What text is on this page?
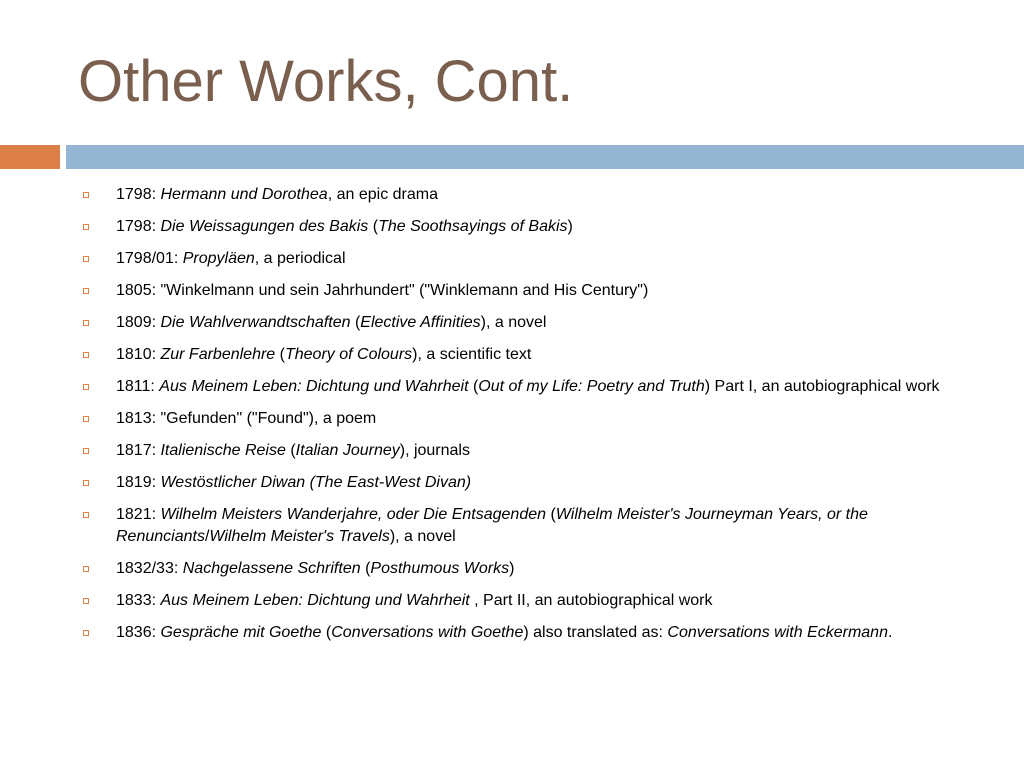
Other Works, Cont.
1798: Hermann und Dorothea, an epic drama
1798: Die Weissagungen des Bakis (The Soothsayings of Bakis)
1798/01: Propyläen, a periodical
1805: "Winkelmann und sein Jahrhundert" ("Winklemann and His Century")
1809: Die Wahlverwandtschaften (Elective Affinities), a novel
1810: Zur Farbenlehre (Theory of Colours), a scientific text
1811: Aus Meinem Leben: Dichtung und Wahrheit (Out of my Life: Poetry and Truth) Part I, an autobiographical work
1813: "Gefunden" ("Found"), a poem
1817: Italienische Reise (Italian Journey), journals
1819: Westöstlicher Diwan (The East-West Divan)
1821: Wilhelm Meisters Wanderjahre, oder Die Entsagenden (Wilhelm Meister's Journeyman Years, or the Renunciants/Wilhelm Meister's Travels), a novel
1832/33: Nachgelassene Schriften (Posthumous Works)
1833: Aus Meinem Leben: Dichtung und Wahrheit , Part II, an autobiographical work
1836: Gespräche mit Goethe (Conversations with Goethe) also translated as: Conversations with Eckermann.
